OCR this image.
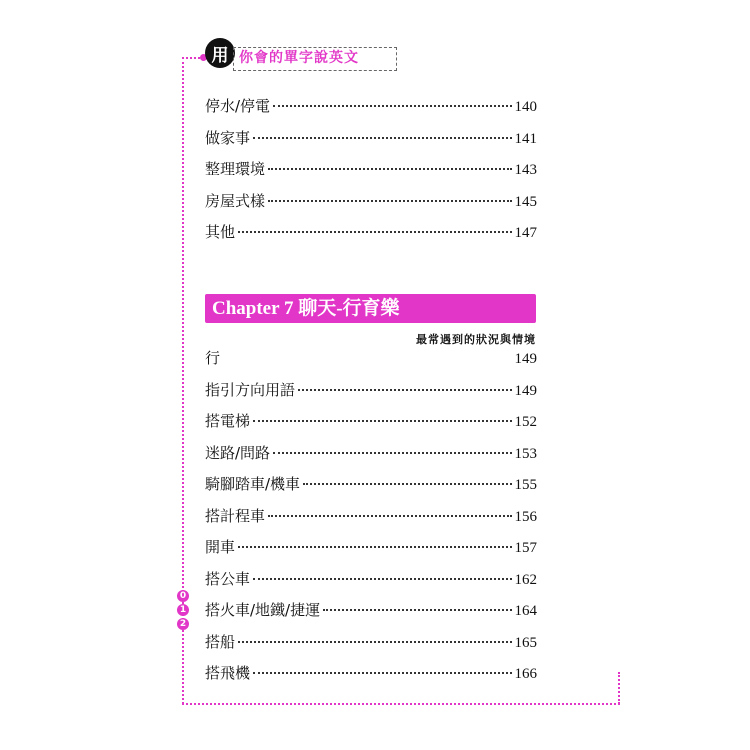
用 你會的單字說英文
停水/停電	140
做家事	141
整理環境	143
房屋式樣	145
其他	147
Chapter 7 聊天-行育樂
最常遇到的狀況與情境
行	149
指引方向用語	149
搭電梯	152
迷路/問路	153
騎腳踏車/機車	155
搭計程車	156
開車	157
搭公車	162
搭火車/地鐵/捷運	164
搭船	165
搭飛機	166
0
1
2
